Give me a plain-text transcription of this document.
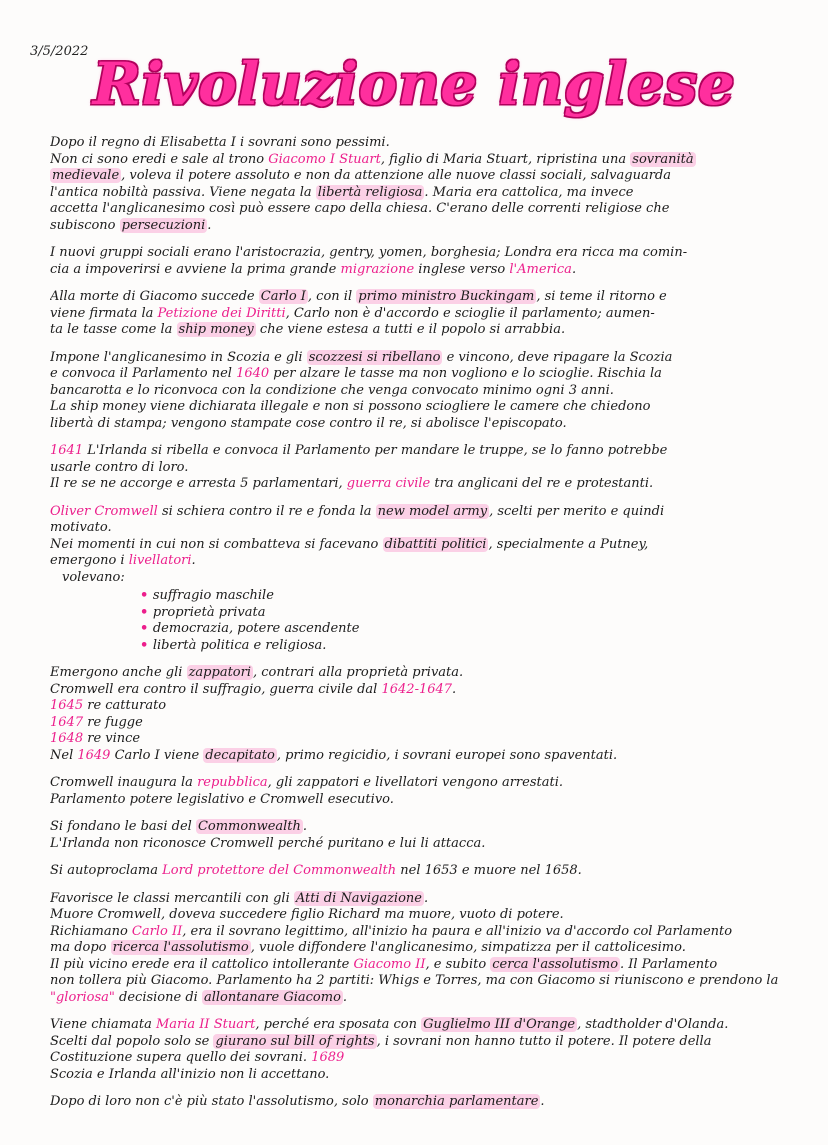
3/5/2022 Rivoluzione inglese
Dopo il regno di Elisabetta I i sovrani sono pessimi.
Non ci sono eredi e sale al trono Giacomo I Stuart, figlio di Maria Stuart, ripristina una sovranità
medievale , voleva il potere assoluto e non da attenzione alle nuove classi sociali, salvaguarda
l'antica nobiltà passiva. Viene negata la libertà religiosa . Maria era cattolica, ma invece
accetta l'anglicanesimo così può essere capo della chiesa. C'erano delle correnti religiose che
subiscono persecuzioni .
I nuovi gruppi sociali erano l'aristocrazia, gentry, yomen, borghesia; Londra era ricca ma comin-
cia a impoverirsi e avviene la prima grande migrazione inglese verso l'America.
Alla morte di Giacomo succede Carlo I , con il primo ministro Buckingam , si teme il ritorno e
viene firmata la Petizione dei Diritti, Carlo non è d'accordo e scioglie il parlamento; aumen-
ta le tasse come la ship money che viene estesa a tutti e il popolo si arrabbia.
Impone l'anglicanesimo in Scozia e gli scozzesi si ribellano e vincono, deve ripagare la Scozia
e convoca il Parlamento nel 1640 per alzare le tasse ma non vogliono e lo scioglie. Rischia la
bancarotta e lo riconvoca con la condizione che venga convocato minimo ogni 3 anni.
La ship money viene dichiarata illegale e non si possono sciogliere le camere che chiedono
libertà di stampa; vengono stampate cose contro il re, si abolisce l'episcopato.
1641 L'Irlanda si ribella e convoca il Parlamento per mandare le truppe, se lo fanno potrebbe
usarle contro di loro.
Il re se ne accorge e arresta 5 parlamentari, guerra civile tra anglicani del re e protestanti.
Oliver Cromwell si schiera contro il re e fonda la new model army , scelti per merito e quindi
motivato.
Nei momenti in cui non si combatteva si facevano dibattiti politici , specialmente a Putney,
emergono i livellatori.
volevano:
• suffragio maschile
• proprietà privata
• democrazia, potere ascendente
• libertà politica e religiosa.
Emergono anche gli zappatori , contrari alla proprietà privata.
Cromwell era contro il suffragio, guerra civile dal 1642-1647.
1645 re catturato
1647 re fugge
1648 re vince
Nel 1649 Carlo I viene decapitato , primo regicidio, i sovrani europei sono spaventati.
Cromwell inaugura la repubblica, gli zappatori e livellatori vengono arrestati.
Parlamento potere legislativo e Cromwell esecutivo.
Si fondano le basi del Commonwealth .
L'Irlanda non riconosce Cromwell perché puritano e lui li attacca.
Si autoproclama Lord protettore del Commonwealth nel 1653 e muore nel 1658.
Favorisce le classi mercantili con gli Atti di Navigazione .
Muore Cromwell, doveva succedere figlio Richard ma muore, vuoto di potere.
Richiamano Carlo II, era il sovrano legittimo, all'inizio ha paura e all'inizio va d'accordo col Parlamento
ma dopo ricerca l'assolutismo , vuole diffondere l'anglicanesimo, simpatizza per il cattolicesimo.
Il più vicino erede era il cattolico intollerante Giacomo II, e subito cerca l'assolutismo . Il Parlamento
non tollera più Giacomo. Parlamento ha 2 partiti: Whigs e Torres, ma con Giacomo si riuniscono e prendono la
"gloriosa" decisione di allontanare Giacomo .
Viene chiamata Maria II Stuart, perché era sposata con Guglielmo III d'Orange , stadtholder d'Olanda.
Scelti dal popolo solo se giurano sul bill of rights , i sovrani non hanno tutto il potere. Il potere della
Costituzione supera quello dei sovrani. 1689
Scozia e Irlanda all'inizio non li accettano.
Dopo di loro non c'è più stato l'assolutismo, solo monarchia parlamentare .
